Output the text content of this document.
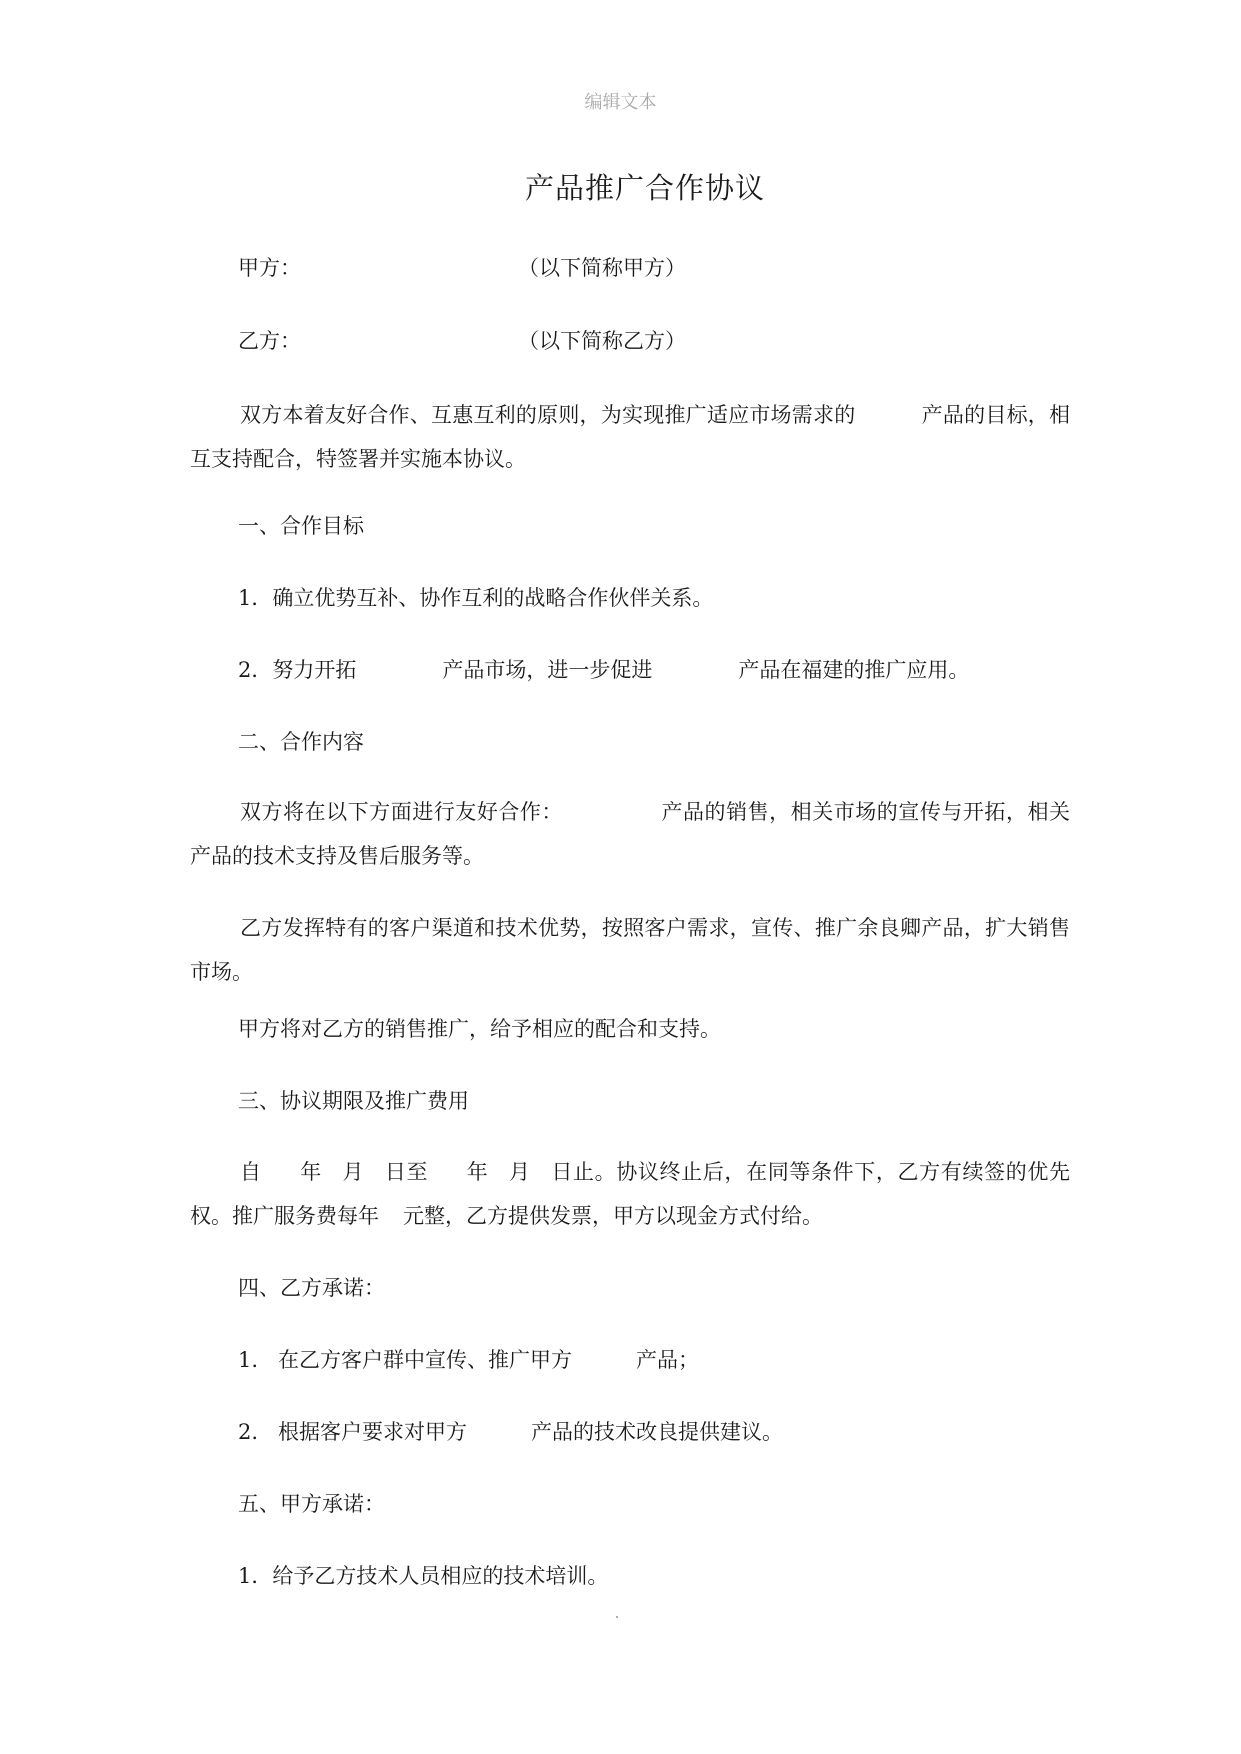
编辑文本
产品推广合作协议
甲方：	（以下简称甲方）
乙方：	（以下简称乙方）
双方本着友好合作、互惠互利的原则，为实现推广适应市场需求的	产品的目标，相互支持配合，特签署并实施本协议。
一、合作目标
1．确立优势互补、协作互利的战略合作伙伴关系。
2．努力开拓	产品市场，进一步促进	产品在福建的推广应用。
二、合作内容
双方将在以下方面进行友好合作：	产品的销售，相关市场的宣传与开拓，相关产品的技术支持及售后服务等。
乙方发挥特有的客户渠道和技术优势，按照客户需求，宣传、推广余良卿产品，扩大销售市场。
甲方将对乙方的销售推广，给予相应的配合和支持。
三、协议期限及推广费用
自 年 月 日至 年 月 日止。协议终止后，在同等条件下，乙方有续签的优先权。推广服务费每年 元整，乙方提供发票，甲方以现金方式付给。
四、乙方承诺：
1. 在乙方客户群中宣传、推广甲方	产品；
2. 根据客户要求对甲方	产品的技术改良提供建议。
五、甲方承诺：
1．给予乙方技术人员相应的技术培训。
